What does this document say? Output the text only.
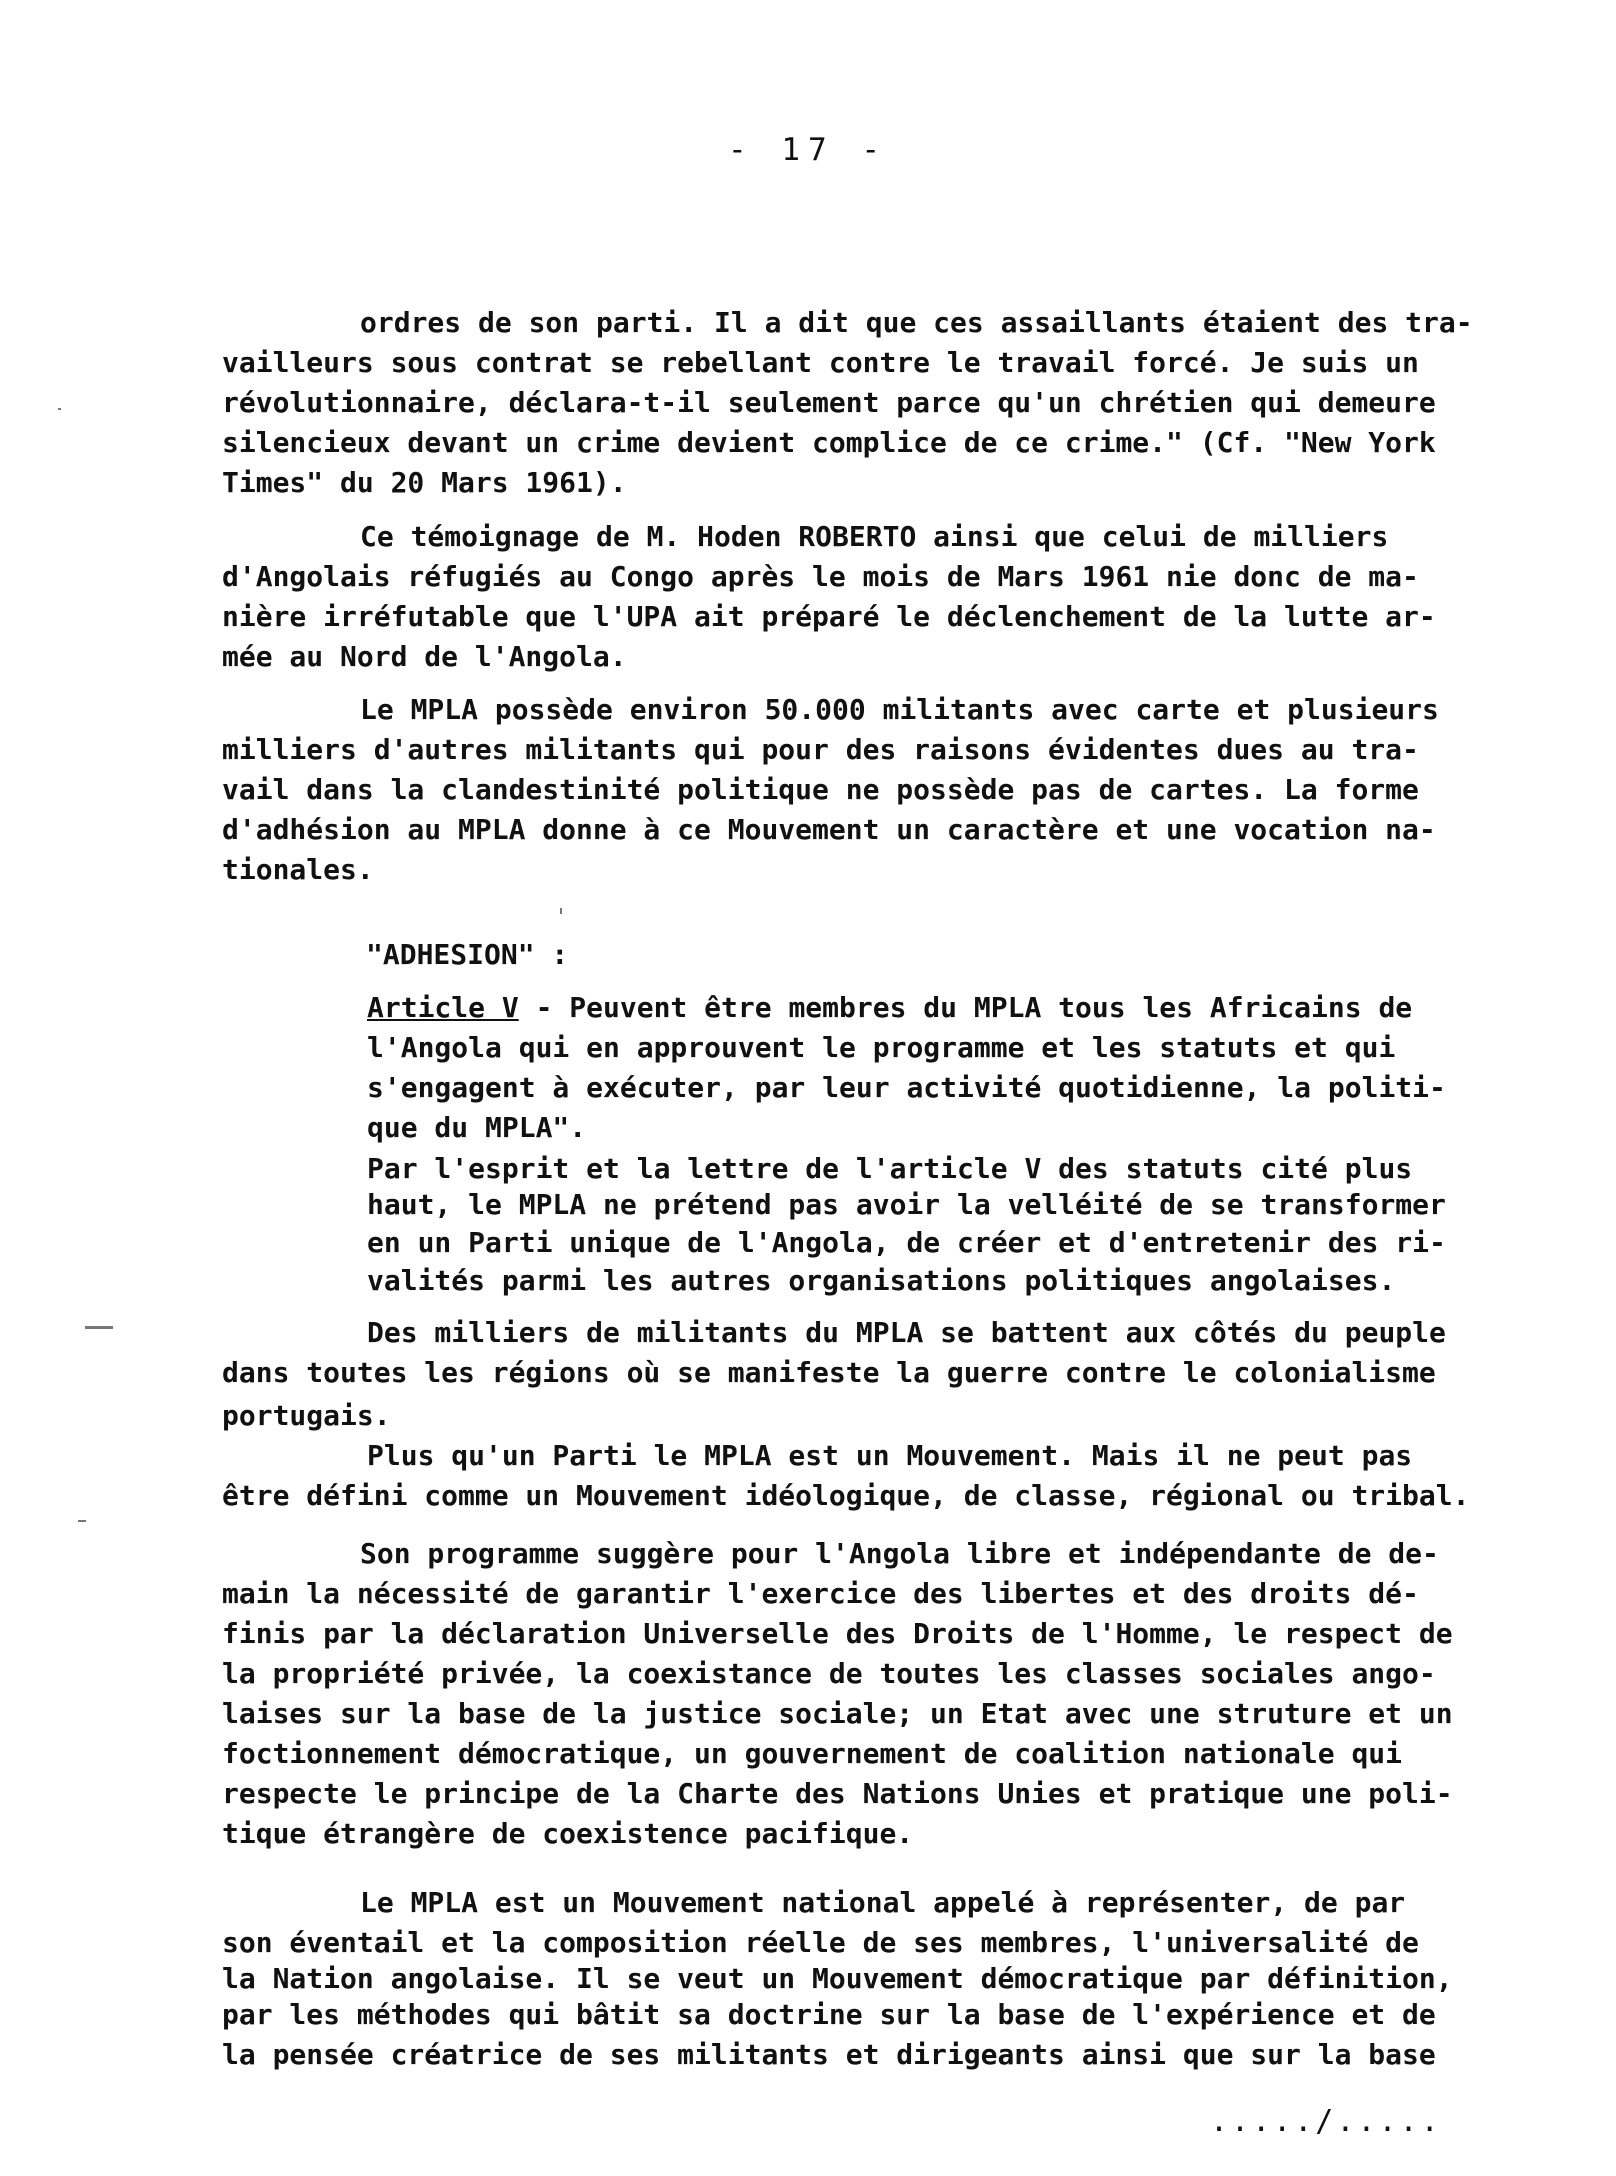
- 17 -
ordres de son parti. Il a dit que ces assaillants étaient des tra-
vailleurs sous contrat se rebellant contre le travail forcé. Je suis un
révolutionnaire, déclara-t-il seulement parce qu'un chrétien qui demeure
silencieux devant un crime devient complice de ce crime." (Cf. "New York
Times" du 20 Mars 1961).
Ce témoignage de M. Hoden ROBERTO ainsi que celui de milliers
d'Angolais réfugiés au Congo après le mois de Mars 1961 nie donc de ma-
nière irréfutable que l'UPA ait préparé le déclenchement de la lutte ar-
mée au Nord de l'Angola.
Le MPLA possède environ 50.000 militants avec carte et plusieurs
milliers d'autres militants qui pour des raisons évidentes dues au tra-
vail dans la clandestinité politique ne possède pas de cartes. La forme
d'adhésion au MPLA donne à ce Mouvement un caractère et une vocation na-
tionales.
"ADHESION" :
Article V - Peuvent être membres du MPLA tous les Africains de
l'Angola qui en approuvent le programme et les statuts et qui
s'engagent à exécuter, par leur activité quotidienne, la politi-
que du MPLA".
Par l'esprit et la lettre de l'article V des statuts cité plus
haut, le MPLA ne prétend pas avoir la velléité de se transformer
en un Parti unique de l'Angola, de créer et d'entretenir des ri-
valités parmi les autres organisations politiques angolaises.
Des milliers de militants du MPLA se battent aux côtés du peuple
dans toutes les régions où se manifeste la guerre contre le colonialisme
portugais.
Plus qu'un Parti le MPLA est un Mouvement. Mais il ne peut pas
être défini comme un Mouvement idéologique, de classe, régional ou tribal.
Son programme suggère pour l'Angola libre et indépendante de de-
main la nécessité de garantir l'exercice des libertes et des droits dé-
finis par la déclaration Universelle des Droits de l'Homme, le respect de
la propriété privée, la coexistance de toutes les classes sociales ango-
laises sur la base de la justice sociale; un Etat avec une struture et un
foctionnement démocratique, un gouvernement de coalition nationale qui
respecte le principe de la Charte des Nations Unies et pratique une poli-
tique étrangère de coexistence pacifique.
Le MPLA est un Mouvement national appelé à représenter, de par
son éventail et la composition réelle de ses membres, l'universalité de
la Nation angolaise. Il se veut un Mouvement démocratique par définition,
par les méthodes qui bâtit sa doctrine sur la base de l'expérience et de
la pensée créatrice de ses militants et dirigeants ainsi que sur la base
...../.....
